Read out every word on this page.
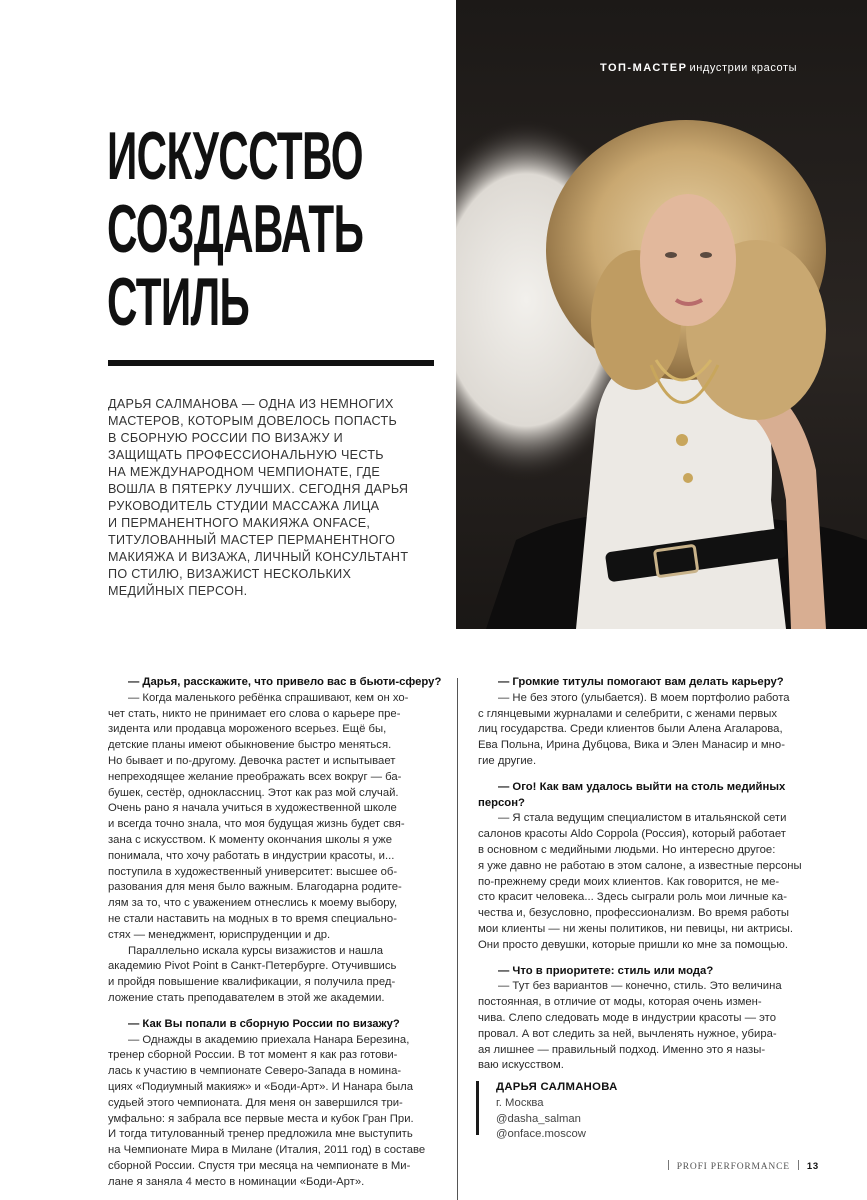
ТОП-МАСТЕР индустрии красоты
ИСКУССТВО
СОЗДАВАТЬ
СТИЛЬ

ДАРЬЯ САЛМАНОВА — ОДНА ИЗ НЕМНОГИХ

МАСТЕРОВ, КОТОРЫМ ДОВЕЛОСЬ ПОПАСТЬ

В СБОРНУЮ РОССИИ ПО ВИЗАЖУ И

ЗАЩИЩАТЬ ПРОФЕССИОНАЛЬНУЮ ЧЕСТЬ

НА МЕЖДУНАРОДНОМ ЧЕМПИОНАТЕ, ГДЕ

ВОШЛА В ПЯТЕРКУ ЛУЧШИХ. СЕГОДНЯ ДАРЬЯ

РУКОВОДИТЕЛЬ СТУДИИ МАССАЖА ЛИЦА

И ПЕРМАНЕНТНОГО МАКИЯЖА ONFACE,

ТИТУЛОВАННЫЙ МАСТЕР ПЕРМАНЕНТНОГО

МАКИЯЖА И ВИЗАЖА, ЛИЧНЫЙ КОНСУЛЬТАНТ

ПО СТИЛЮ, ВИЗАЖИСТ НЕСКОЛЬКИХ

МЕДИЙНЫХ ПЕРСОН.

— Дарья, расскажите, что привело вас в бьюти-сферу?

— Когда маленького ребёнка спрашивают, кем он хо-

чет стать, никто не принимает его слова о карьере пре-

зидента или продавца мороженого всерьез. Ещё бы,

детские планы имеют обыкновение быстро меняться.

Но бывает и по-другому. Девочка растет и испытывает

непреходящее желание преображать всех вокруг — ба-

бушек, сестёр, одноклассниц. Этот как раз мой случай.

Очень рано я начала учиться в художественной школе

и всегда точно знала, что моя будущая жизнь будет свя-

зана с искусством. К моменту окончания школы я уже

понимала, что хочу работать в индустрии красоты, и...

поступила в художественный университет: высшее об-

разования для меня было важным. Благодарна родите-

лям за то, что с уважением отнеслись к моему выбору,

не стали наставить на модных в то время специально-

стях — менеджмент, юриспруденции и др.

Параллельно искала курсы визажистов и нашла

академию Pivot Point в Санкт-Петербурге. Отучившись

и пройдя повышение квалификации, я получила пред-

ложение стать преподавателем в этой же академии.

— Как Вы попали в сборную России по визажу?

— Однажды в академию приехала Нанара Березина,

тренер сборной России. В тот момент я как раз готови-

лась к участию в чемпионате Северо-Запада в номина-

циях «Подиумный макияж» и «Боди-Арт». И Нанара была

судьей этого чемпионата. Для меня он завершился три-

умфально: я забрала все первые места и кубок Гран При.

И тогда титулованный тренер предложила мне выступить

на Чемпионате Мира в Милане (Италия, 2011 год) в составе

сборной России. Спустя три месяца на чемпионате в Ми-

лане я заняла 4 место в номинации «Боди-Арт».

— Громкие титулы помогают вам делать карьеру?

— Не без этого (улыбается). В моем портфолио работа

с глянцевыми журналами и селебрити, с женами первых

лиц государства. Среди клиентов были Алена Агаларова,

Ева Польна, Ирина Дубцова, Вика и Элен Манасир и мно-

гие другие.

— Ого! Как вам удалось выйти на столь медийных

персон?

— Я стала ведущим специалистом в итальянской сети

салонов красоты Aldo Coppola (Россия), который работает

в основном с медийными людьми. Но интересно другое:

я уже давно не работаю в этом салоне, а известные персоны

по-прежнему среди моих клиентов. Как говорится, не ме-

сто красит человека... Здесь сыграли роль мои личные ка-

чества и, безусловно, профессионализм. Во время работы

мои клиенты — ни жены политиков, ни певицы, ни актрисы.

Они просто девушки, которые пришли ко мне за помощью.

— Что в приоритете: стиль или мода?

— Тут без вариантов — конечно, стиль. Это величина

постоянная, в отличие от моды, которая очень измен-

чива. Слепо следовать моде в индустрии красоты — это

провал. А вот следить за ней, вычленять нужное, убира-

ая лишнее — правильный подход. Именно это я назы-

ваю искусством.

ДАРЬЯ САЛМАНОВА

г. Москва

@dasha_salman

@onface.moscow

PROFI PERFORMANCE 13
